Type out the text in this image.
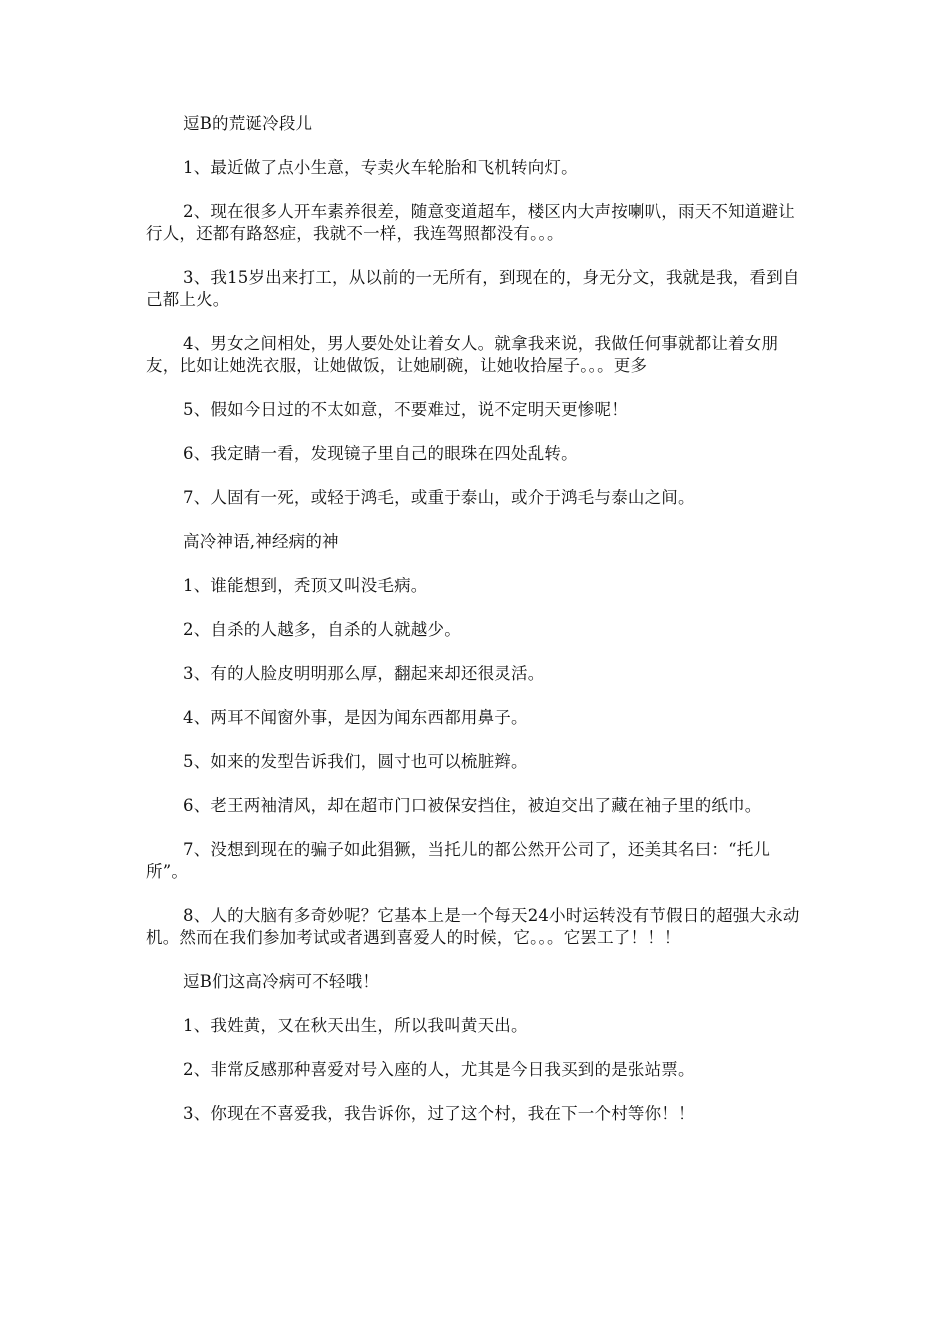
逗B的荒诞冷段儿

1、最近做了点小生意，专卖火车轮胎和飞机转向灯。

2、现在很多人开车素养很差，随意变道超车，楼区内大声按喇叭，雨天不知道避让行人，还都有路怒症，我就不一样，我连驾照都没有。。。

3、我15岁出来打工，从以前的一无所有，到现在的，身无分文，我就是我，看到自己都上火。

4、男女之间相处，男人要处处让着女人。就拿我来说，我做任何事就都让着女朋友，比如让她洗衣服，让她做饭，让她刷碗，让她收拾屋子。。。更多

5、假如今日过的不太如意，不要难过，说不定明天更惨呢！

6、我定睛一看，发现镜子里自己的眼珠在四处乱转。

7、人固有一死，或轻于鸿毛，或重于泰山，或介于鸿毛与泰山之间。

高冷神语,神经病的神

1、谁能想到，秃顶又叫没毛病。

2、自杀的人越多，自杀的人就越少。

3、有的人脸皮明明那么厚，翻起来却还很灵活。

4、两耳不闻窗外事，是因为闻东西都用鼻子。

5、如来的发型告诉我们，圆寸也可以梳脏辫。

6、老王两袖清风，却在超市门口被保安挡住，被迫交出了藏在袖子里的纸巾。

7、没想到现在的骗子如此猖獗，当托儿的都公然开公司了，还美其名曰：“托儿所”。

8、人的大脑有多奇妙呢？它基本上是一个每天24小时运转没有节假日的超强大永动机。然而在我们参加考试或者遇到喜爱人的时候，它。。。它罢工了！！！

逗B们这高冷病可不轻哦！

1、我姓黄，又在秋天出生，所以我叫黄天出。

2、非常反感那种喜爱对号入座的人，尤其是今日我买到的是张站票。

3、你现在不喜爱我，我告诉你，过了这个村，我在下一个村等你！！
